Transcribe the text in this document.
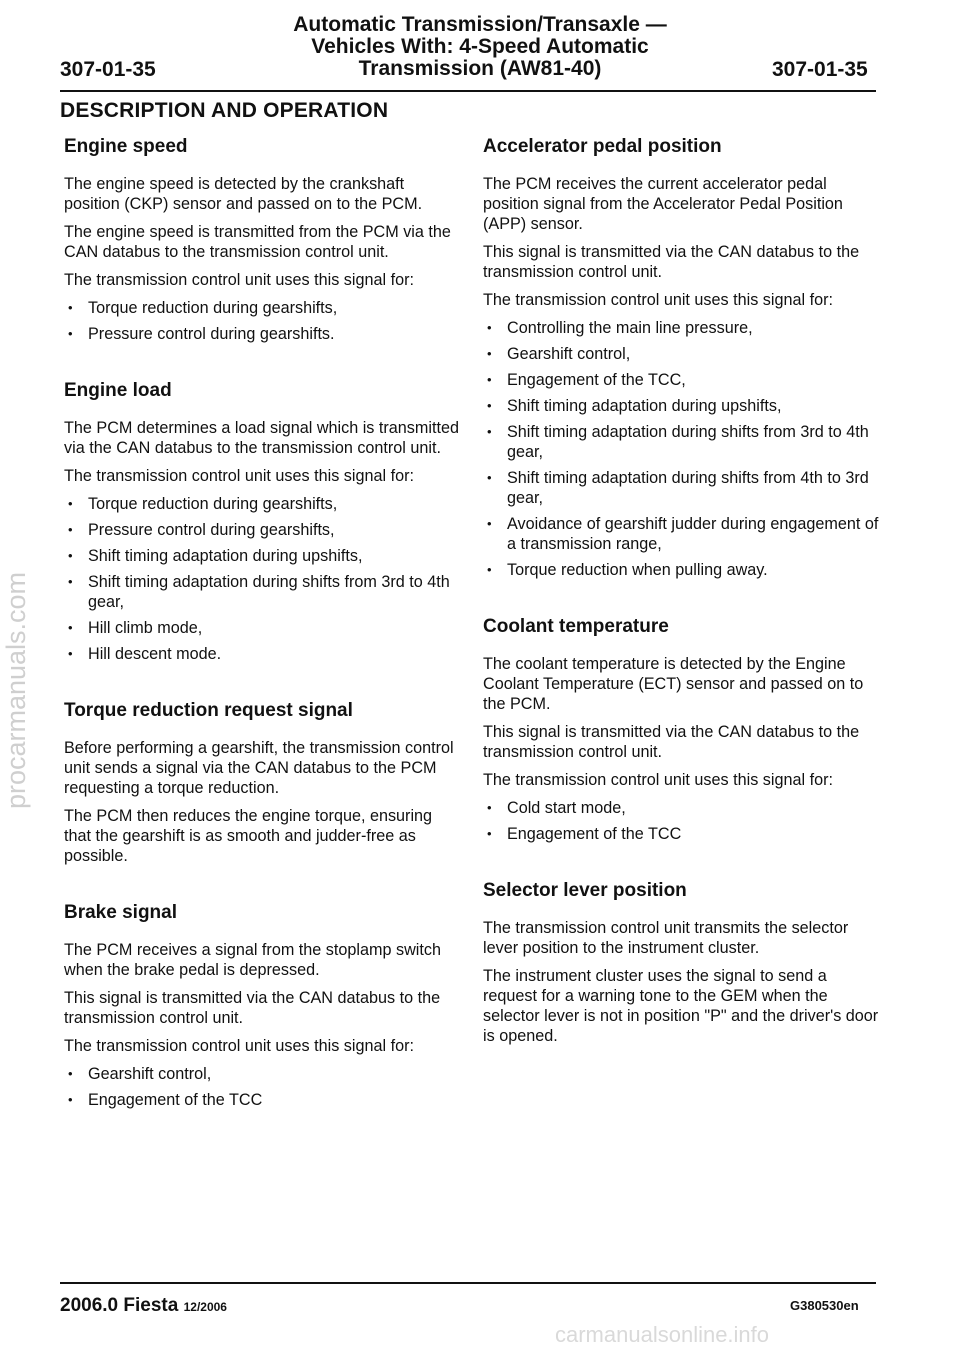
Automatic Transmission/Transaxle —
Vehicles With: 4-Speed Automatic
Transmission (AW81-40)
307-01-35	307-01-35
DESCRIPTION AND OPERATION
Engine speed

The engine speed is detected by the crankshaft position (CKP) sensor and passed on to the PCM.

The engine speed is transmitted from the PCM via the CAN databus to the transmission control unit.

The transmission control unit uses this signal for:

• Torque reduction during gearshifts,
• Pressure control during gearshifts.
Engine load

The PCM determines a load signal which is transmitted via the CAN databus to the transmission control unit.

The transmission control unit uses this signal for:

• Torque reduction during gearshifts,
• Pressure control during gearshifts,
• Shift timing adaptation during upshifts,
• Shift timing adaptation during shifts from 3rd to 4th gear,
• Hill climb mode,
• Hill descent mode.
Torque reduction request signal

Before performing a gearshift, the transmission control unit sends a signal via the CAN databus to the PCM requesting a torque reduction.

The PCM then reduces the engine torque, ensuring that the gearshift is as smooth and judder-free as possible.

Brake signal

The PCM receives a signal from the stoplamp switch when the brake pedal is depressed.

This signal is transmitted via the CAN databus to the transmission control unit.

The transmission control unit uses this signal for:

• Gearshift control,
• Engagement of the TCC
Accelerator pedal position

The PCM receives the current accelerator pedal position signal from the Accelerator Pedal Position (APP) sensor.

This signal is transmitted via the CAN databus to the transmission control unit.

The transmission control unit uses this signal for:

• Controlling the main line pressure,
• Gearshift control,
• Engagement of the TCC,
• Shift timing adaptation during upshifts,
• Shift timing adaptation during shifts from 3rd to 4th gear,
• Shift timing adaptation during shifts from 4th to 3rd gear,
• Avoidance of gearshift judder during engagement of a transmission range,
• Torque reduction when pulling away.
Coolant temperature

The coolant temperature is detected by the Engine Coolant Temperature (ECT) sensor and passed on to the PCM.

This signal is transmitted via the CAN databus to the transmission control unit.

The transmission control unit uses this signal for:

• Cold start mode,
• Engagement of the TCC
Selector lever position

The transmission control unit transmits the selector lever position to the instrument cluster.

The instrument cluster uses the signal to send a request for a warning tone to the GEM when the selector lever is not in position "P" and the driver's door is opened.

procarmanuals.com
2006.0 Fiesta 12/2006	G380530en
carmanualsonline.info
